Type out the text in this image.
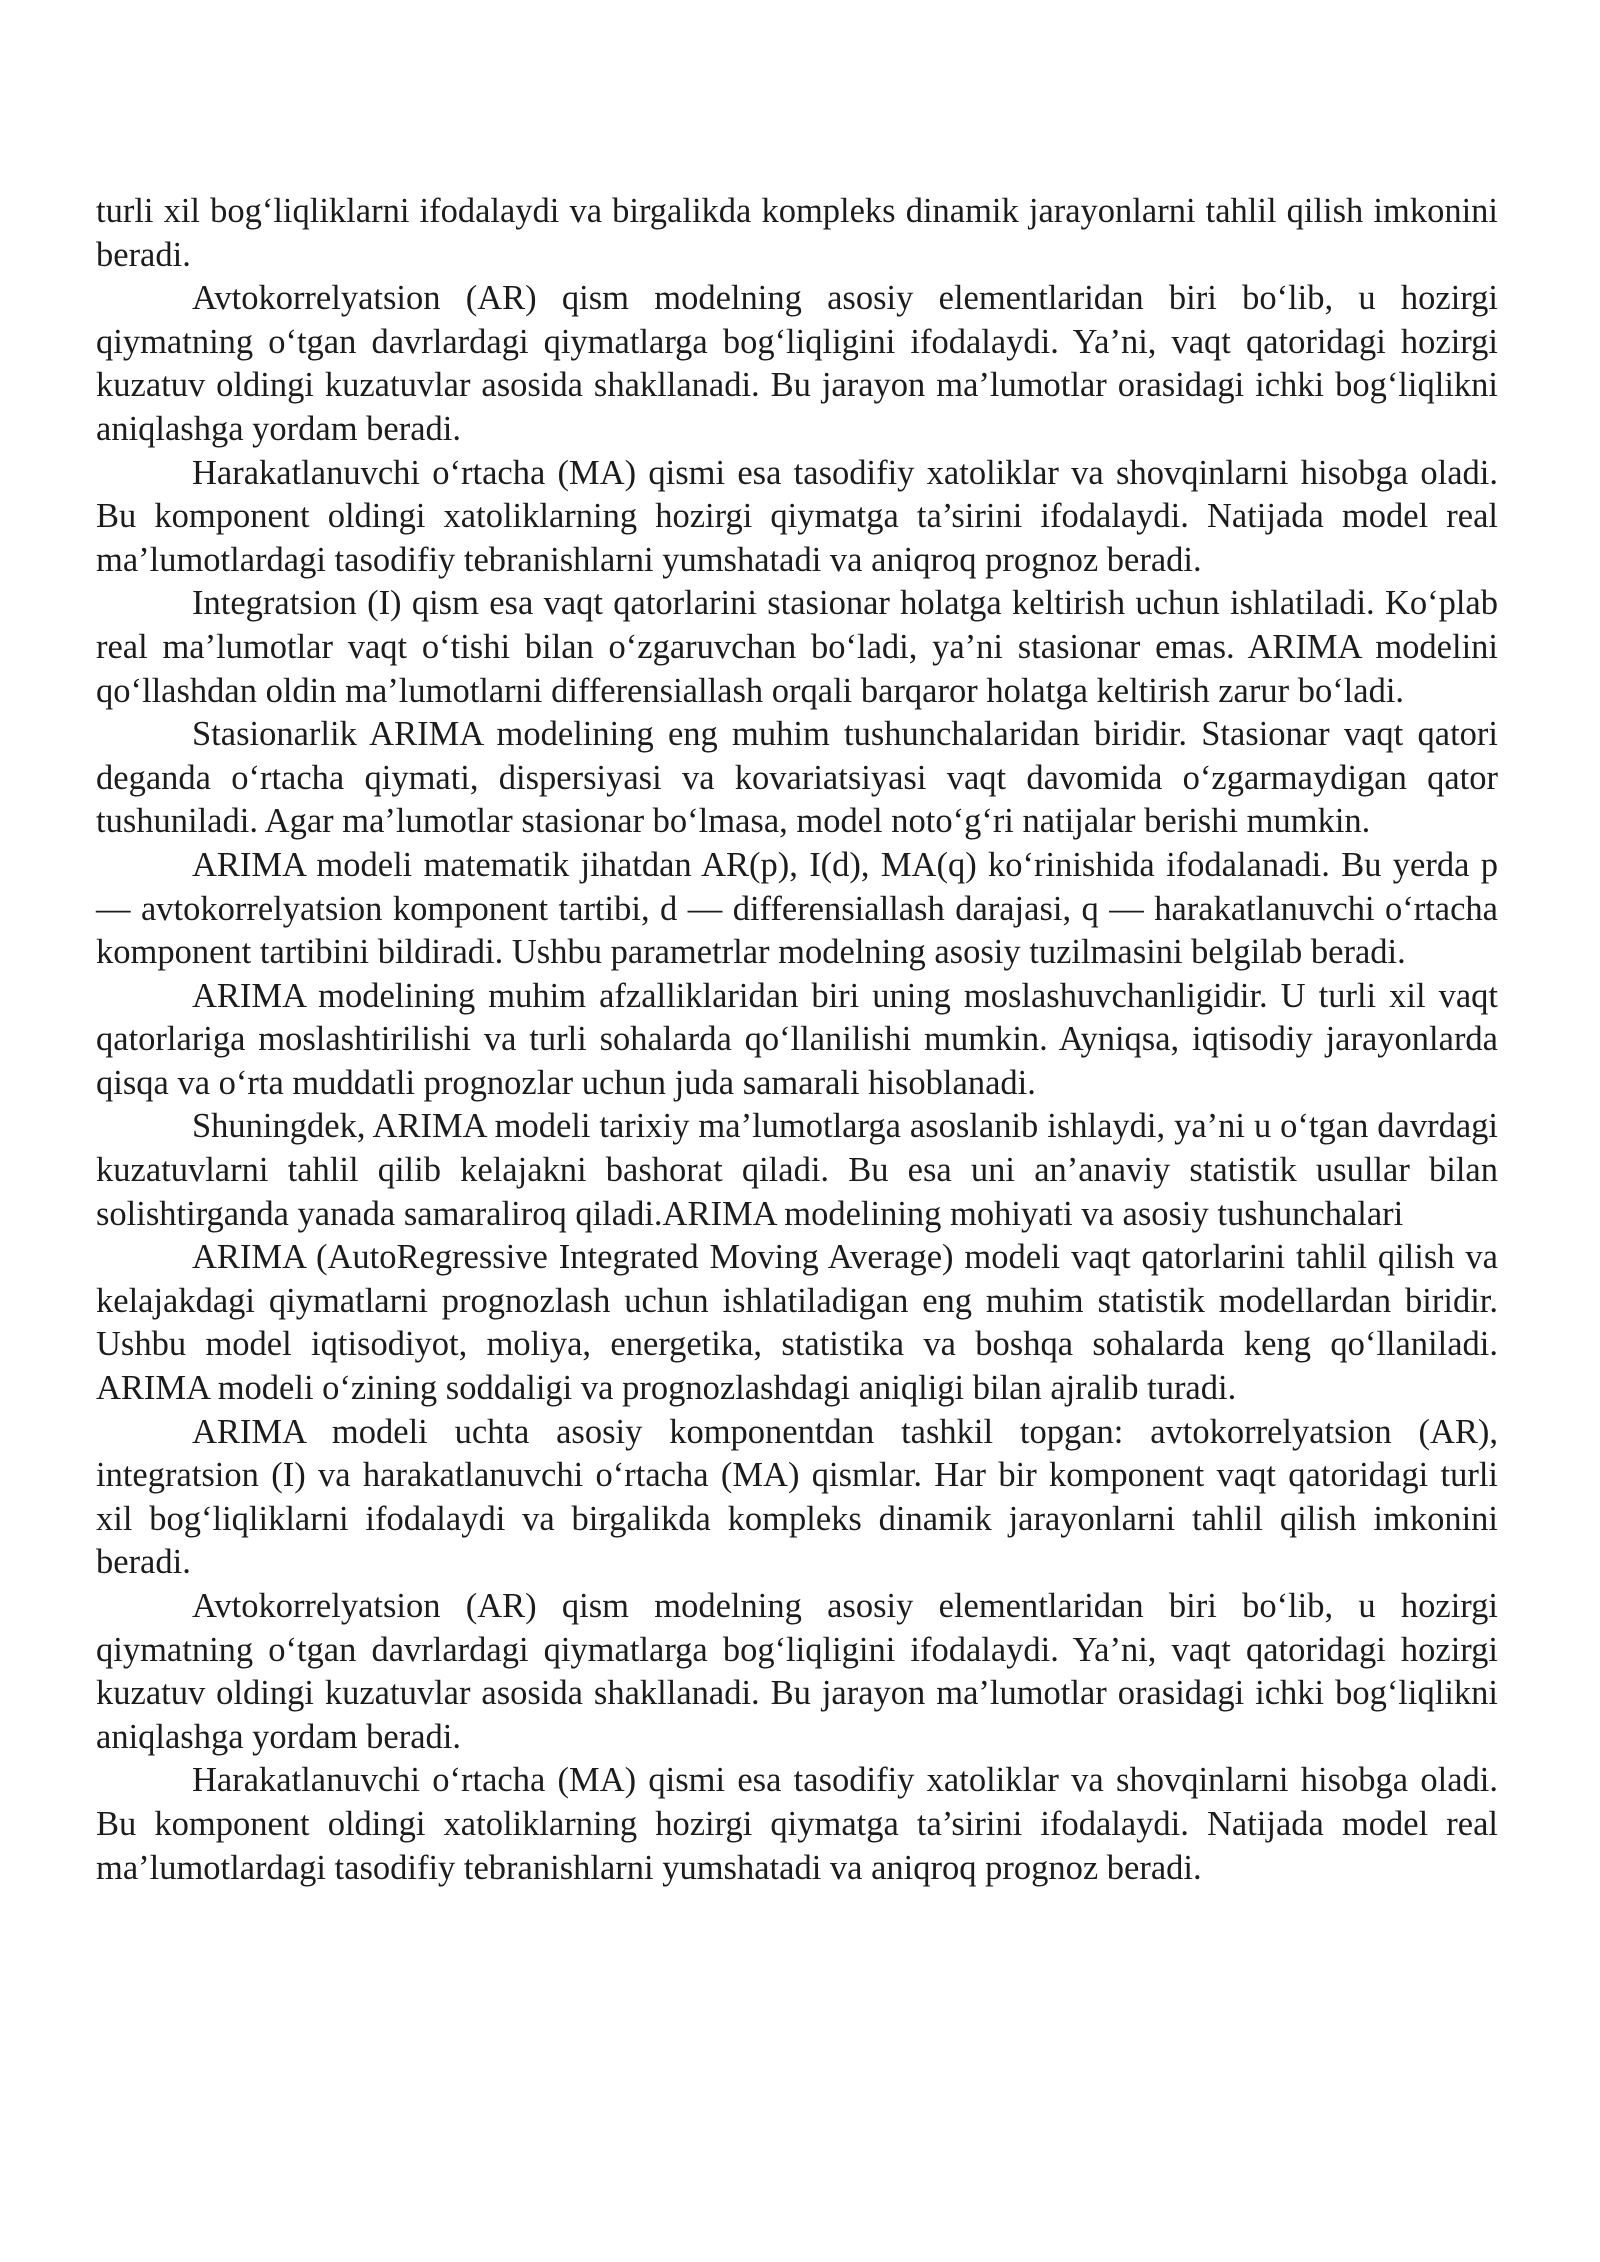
turli xil bog‘liqliklarni ifodalaydi va birgalikda kompleks dinamik jarayonlarni tahlil qilish imkonini beradi.

Avtokorrelyatsion (AR) qism modelning asosiy elementlaridan biri bo‘lib, u hozirgi qiymatning o‘tgan davrlardagi qiymatlarga bog‘liqligini ifodalaydi. Ya’ni, vaqt qatoridagi hozirgi kuzatuv oldingi kuzatuvlar asosida shakllanadi. Bu jarayon ma’lumotlar orasidagi ichki bog‘liqlikni aniqlashga yordam beradi.

Harakatlanuvchi o‘rtacha (MA) qismi esa tasodifiy xatoliklar va shovqinlarni hisobga oladi. Bu komponent oldingi xatoliklarning hozirgi qiymatga ta’sirini ifodalaydi. Natijada model real ma’lumotlardagi tasodifiy tebranishlarni yumshatadi va aniqroq prognoz beradi.

Integratsion (I) qism esa vaqt qatorlarini stasionar holatga keltirish uchun ishlatiladi. Ko‘plab real ma’lumotlar vaqt o‘tishi bilan o‘zgaruvchan bo‘ladi, ya’ni stasionar emas. ARIMA modelini qo‘llashdan oldin ma’lumotlarni differensiallash orqali barqaror holatga keltirish zarur bo‘ladi.

Stasionarlik ARIMA modelining eng muhim tushunchalaridan biridir. Stasionar vaqt qatori deganda o‘rtacha qiymati, dispersiyasi va kovariatsiyasi vaqt davomida o‘zgarmaydigan qator tushuniladi. Agar ma’lumotlar stasionar bo‘lmasa, model noto‘g‘ri natijalar berishi mumkin.

ARIMA modeli matematik jihatdan AR(p), I(d), MA(q) ko‘rinishida ifodalanadi. Bu yerda p — avtokorrelyatsion komponent tartibi, d — differensiallash darajasi, q — harakatlanuvchi o‘rtacha komponent tartibini bildiradi. Ushbu parametrlar modelning asosiy tuzilmasini belgilab beradi.

ARIMA modelining muhim afzalliklaridan biri uning moslashuvchanligidir. U turli xil vaqt qatorlariga moslashtirilishi va turli sohalarda qo‘llanilishi mumkin. Ayniqsa, iqtisodiy jarayonlarda qisqa va o‘rta muddatli prognozlar uchun juda samarali hisoblanadi.

Shuningdek, ARIMA modeli tarixiy ma’lumotlarga asoslanib ishlaydi, ya’ni u o‘tgan davrdagi kuzatuvlarni tahlil qilib kelajakni bashorat qiladi. Bu esa uni an’anaviy statistik usullar bilan solishtirganda yanada samaraliroq qiladi.ARIMA modelining mohiyati va asosiy tushunchalari

ARIMA (AutoRegressive Integrated Moving Average) modeli vaqt qatorlarini tahlil qilish va kelajakdagi qiymatlarni prognozlash uchun ishlatiladigan eng muhim statistik modellardan biridir. Ushbu model iqtisodiyot, moliya, energetika, statistika va boshqa sohalarda keng qo‘llaniladi. ARIMA modeli o‘zining soddaligi va prognozlashdagi aniqligi bilan ajralib turadi.

ARIMA modeli uchta asosiy komponentdan tashkil topgan: avtokorrelyatsion (AR), integratsion (I) va harakatlanuvchi o‘rtacha (MA) qismlar. Har bir komponent vaqt qatoridagi turli xil bog‘liqliklarni ifodalaydi va birgalikda kompleks dinamik jarayonlarni tahlil qilish imkonini beradi.

Avtokorrelyatsion (AR) qism modelning asosiy elementlaridan biri bo‘lib, u hozirgi qiymatning o‘tgan davrlardagi qiymatlarga bog‘liqligini ifodalaydi. Ya’ni, vaqt qatoridagi hozirgi kuzatuv oldingi kuzatuvlar asosida shakllanadi. Bu jarayon ma’lumotlar orasidagi ichki bog‘liqlikni aniqlashga yordam beradi.

Harakatlanuvchi o‘rtacha (MA) qismi esa tasodifiy xatoliklar va shovqinlarni hisobga oladi. Bu komponent oldingi xatoliklarning hozirgi qiymatga ta’sirini ifodalaydi. Natijada model real ma’lumotlardagi tasodifiy tebranishlarni yumshatadi va aniqroq prognoz beradi.
